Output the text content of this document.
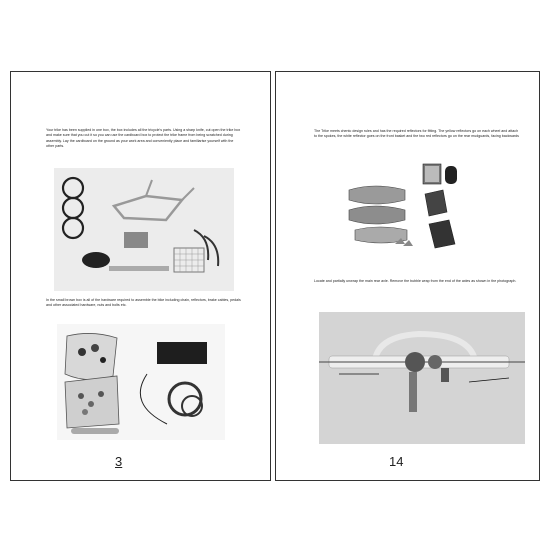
Your trike has been supplied in one box, the box includes all the tricycle's parts. Using a sharp knife, cut open the trike box and make sure that you cut it so you can use the cardboard box to protect the trike frame from being scratched during assembly. Lay the cardboard on the ground as your work area and conveniently place and familiarise yourself with the other parts.

In the small brown box is all of the hardware required to assemble the bike including chain, reflectors, brake cables, pedals and other associated hardware, nuts and bolts etc.

3

The Trike meets chentc design rules and has the required reflectors for fitting. The yellow reflectors go on each wheel and attach to the spokes, the white reflector goes on the front basket and the two red reflectors go on the rear mudguards, facing backwards

Locate and partially unwrap the main rear axle. Remove the bubble wrap from the end of the axles as shown in the photograph.

14
